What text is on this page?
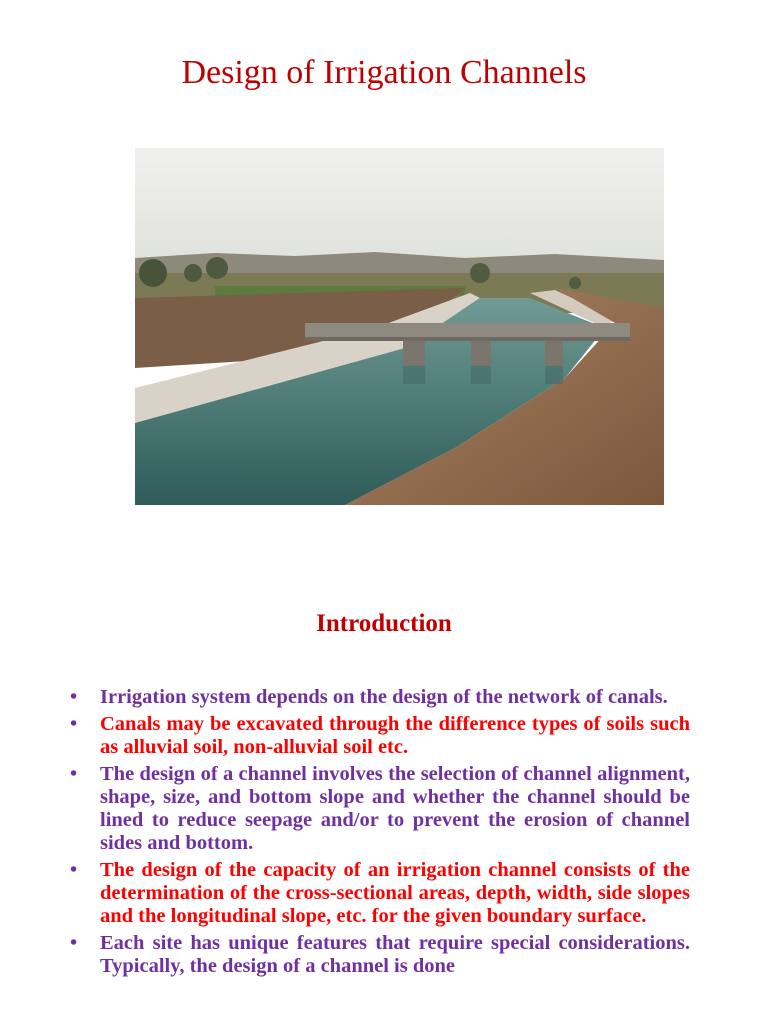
Design of Irrigation Channels
Introduction
• Irrigation system depends on the design of the network of canals.
• Canals may be excavated through the difference types of soils such as alluvial soil, non-alluvial soil etc.
• The design of a channel involves the selection of channel alignment, shape, size, and bottom slope and whether the channel should be lined to reduce seepage and/or to prevent the erosion of channel sides and bottom.
• The design of the capacity of an irrigation channel consists of the determination of the cross-sectional areas, depth, width, side slopes and the longitudinal slope, etc. for the given boundary surface.
• Each site has unique features that require special considerations. Typically, the design of a channel is done
